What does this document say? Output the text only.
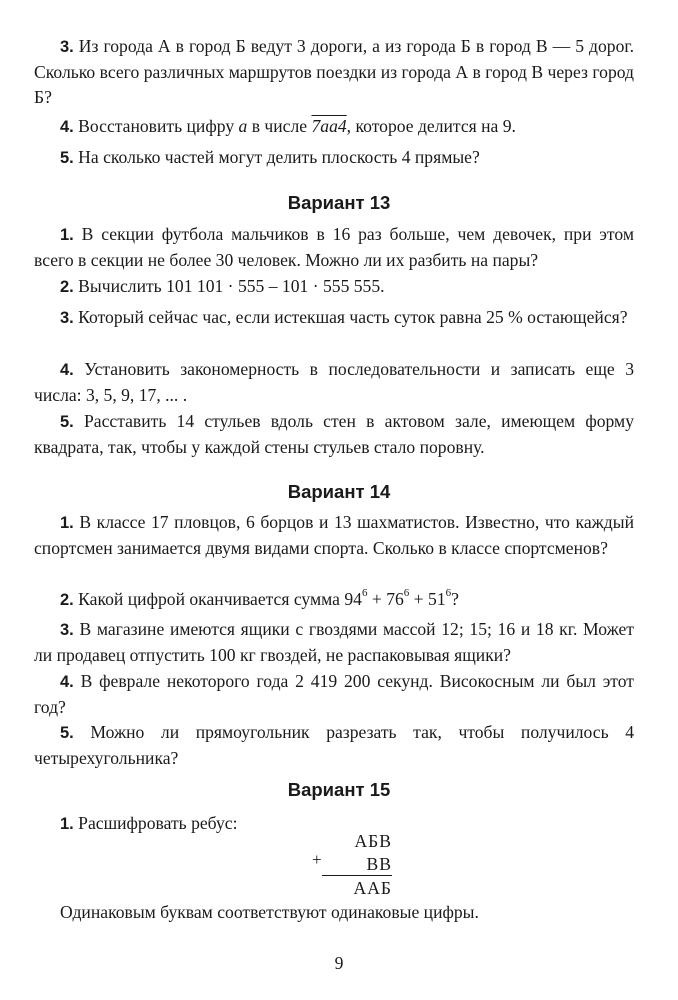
3. Из города А в город Б ведут 3 дороги, а из города Б в город В — 5 дорог. Сколько всего различных маршрутов поездки из города А в город В через город Б?
4. Восстановить цифру a в числе 7aa4, которое делится на 9.
5. На сколько частей могут делить плоскость 4 прямые?
Вариант 13
1. В секции футбола мальчиков в 16 раз больше, чем девочек, при этом всего в секции не более 30 человек. Можно ли их разбить на пары?
2. Вычислить 101 101 · 555 – 101 · 555 555.
3. Который сейчас час, если истекшая часть суток равна 25 % остающейся?
4. Установить закономерность в последовательности и записать еще 3 числа: 3, 5, 9, 17, ... .
5. Расставить 14 стульев вдоль стен в актовом зале, имеющем форму квадрата, так, чтобы у каждой стены стульев стало поровну.
Вариант 14
1. В классе 17 пловцов, 6 борцов и 13 шахматистов. Известно, что каждый спортсмен занимается двумя видами спорта. Сколько в классе спортсменов?
2. Какой цифрой оканчивается сумма $94^6 + 76^6 + 51^6$?
3. В магазине имеются ящики с гвоздями массой 12; 15; 16 и 18 кг. Может ли продавец отпустить 100 кг гвоздей, не распаковывая ящики?
4. В феврале некоторого года 2 419 200 секунд. Високосным ли был этот год?
5. Можно ли прямоугольник разрезать так, чтобы получилось 4 четырехугольника?
Вариант 15
1. Расшифровать ребус:
АБВ
+	ВВ
ААБ
Одинаковым буквам соответствуют одинаковые цифры.
9
